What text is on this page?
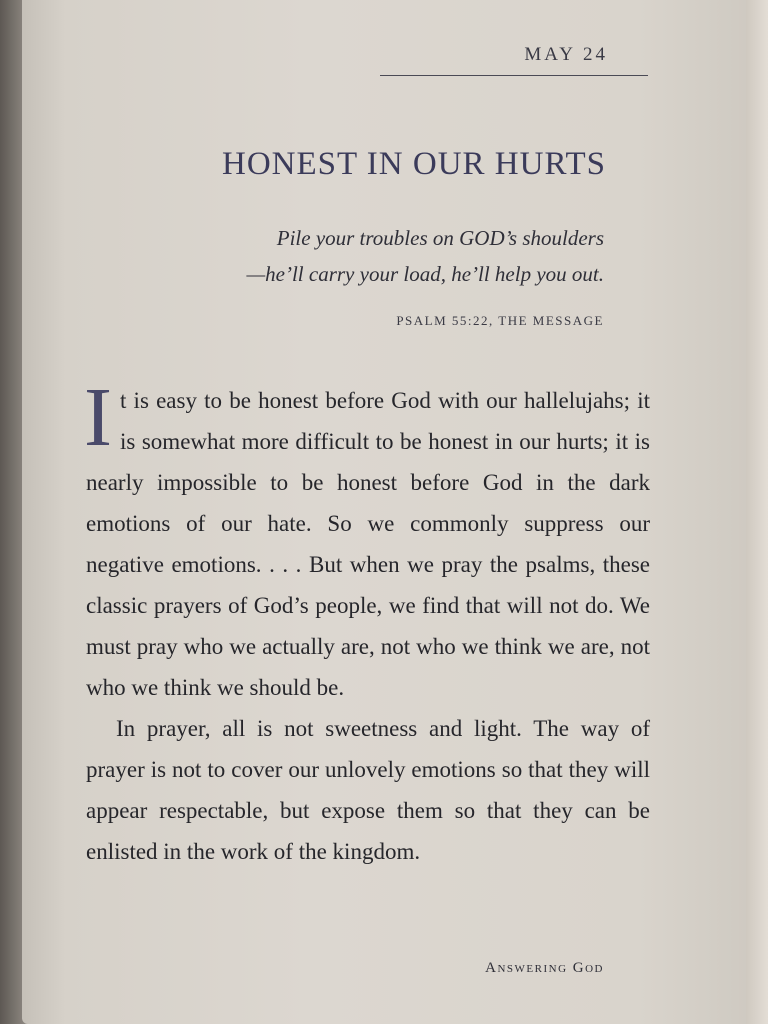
MAY 24
HONEST IN OUR HURTS
Pile your troubles on GOD’s shoulders
—he’ll carry your load, he’ll help you out.
PSALM 55:22, THE MESSAGE

It is easy to be honest before God with our hallelujahs; it is somewhat more difficult to be honest in our hurts; it is nearly impossible to be honest before God in the dark emotions of our hate. So we commonly suppress our negative emotions. . . . But when we pray the psalms, these classic prayers of God’s people, we find that will not do. We must pray who we actually are, not who we think we are, not who we think we should be.

In prayer, all is not sweetness and light. The way of prayer is not to cover our unlovely emotions so that they will appear respectable, but expose them so that they can be enlisted in the work of the kingdom.

Answering God
